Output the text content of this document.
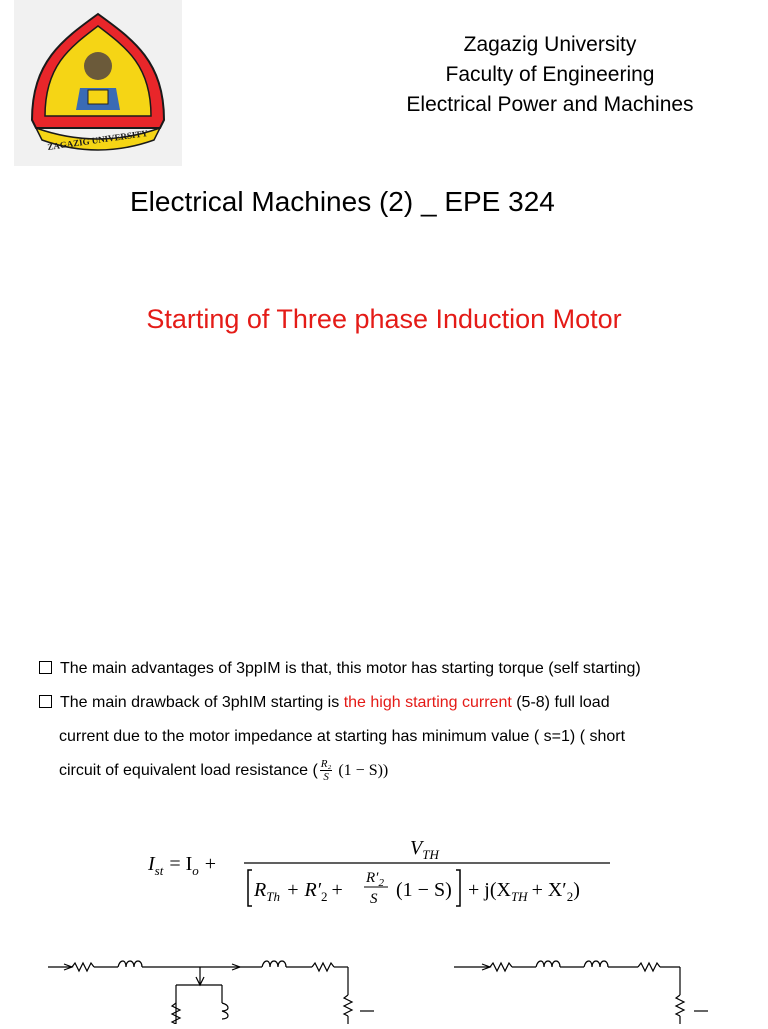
ZAGAZIG UNIVERSITY
Zagazig University
Faculty of Engineering
Electrical Power and Machines
Electrical Machines (2) _ EPE 324
Starting of Three phase Induction Motor
The main advantages of 3ppIM is that, this motor has starting torque (self starting)
The main drawback of 3phIM starting is the high starting current (5-8) full load
current due to the motor impedance at starting has minimum value ( s=1) ( short
circuit of equivalent load resistance ( $\frac{\text{R₂}}{S} (1 - S)$)
$I_{st} = I_o$ +
$V_{TH}$
$R_{Th} + R'_2$ +
$R'_2$
S $(1 - S) + j(X_{TH} + X'_2)$
